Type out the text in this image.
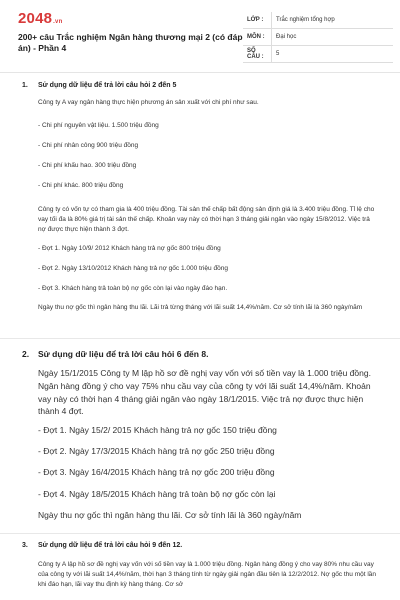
2048.vn
200+ câu Trắc nghiệm Ngân hàng thương mại 2 (có đáp án) - Phần 4
LỚP :	Trắc nghiệm tổng hợp
MÔN :	Đại học
SỐ CÂU :	5
1. Sử dụng dữ liệu để trả lời câu hỏi 2 đến 5
Công ty A vay ngân hàng thực hiện phương án sản xuất với chi phí như sau.
- Chi phí nguyên vật liệu. 1.500 triệu đồng
- Chi phí nhân công 900 triệu đồng
- Chi phí khấu hao. 300 triệu đồng
- Chi phí khác. 800 triệu đồng
Công ty có vốn tự có tham gia là 400 triệu đồng. Tài sản thế chấp bất động sản định giá là 3.400 triệu đồng. Tỉ lệ cho vay tối đa là 80% giá trị tài sản thế chấp. Khoản vay này có thời hạn 3 tháng giải ngân vào ngày 15/8/2012. Việc trả nợ được thực hiện thành 3 đợt.
- Đợt 1. Ngày 10/9/ 2012 Khách hàng trả nợ gốc 800 triệu đồng
- Đợt 2. Ngày 13/10/2012 Khách hàng trả nợ gốc 1.000 triệu đồng
- Đợt 3. Khách hàng trả toàn bộ nợ gốc còn lại vào ngày đáo hạn.
Ngày thu nợ gốc thì ngân hàng thu lãi. Lãi trả từng tháng với lãi suất 14,4%/năm. Cơ sở tính lãi là 360 ngày/năm
2. Sử dụng dữ liệu để trả lời câu hỏi 6 đến 8.
Ngày 15/1/2015 Công ty M lập hồ sơ đề nghị vay vốn với số tiền vay là 1.000 triệu đồng. Ngân hàng đồng ý cho vay 75% nhu cầu vay của công ty với lãi suất 14,4%/năm. Khoản vay này có thời hạn 4 tháng giải ngân vào ngày 18/1/2015. Việc trả nợ được thực hiện thành 4 đợt.
- Đợt 1. Ngày 15/2/ 2015 Khách hàng trả nợ gốc 150 triệu đồng
- Đợt 2. Ngày 17/3/2015 Khách hàng trả nợ gốc 250 triệu đồng
- Đợt 3. Ngày 16/4/2015 Khách hàng trả nợ gốc 200 triệu đồng
- Đợt 4. Ngày 18/5/2015 Khách hàng trả toàn bộ nợ gốc còn lại
Ngày thu nợ gốc thì ngân hàng thu lãi. Cơ sở tính lãi là 360 ngày/năm
3. Sử dụng dữ liệu để trả lời câu hỏi 9 đến 12.
Công ty A lập hồ sơ đề nghị vay vốn với số tiền vay là 1.000 triệu đồng. Ngân hàng đồng ý cho vay 80% nhu cầu vay của công ty với lãi suất 14,4%/năm, thời hạn 3 tháng tính từ ngày giải ngân đầu tiên là 12/2/2012. Nợ gốc thu một lần khi đáo hạn, lãi vay thu định kỳ hàng tháng. Cơ sở
